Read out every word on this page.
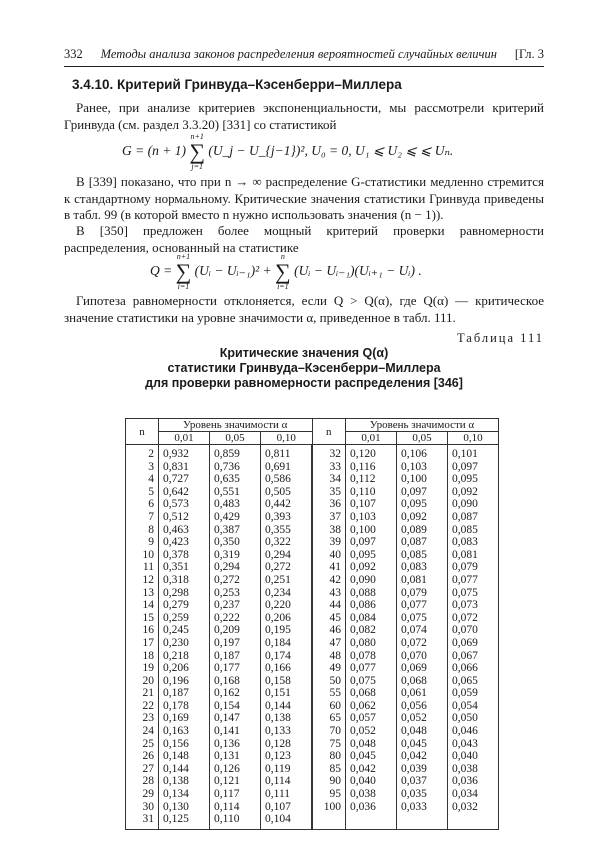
332 Методы анализа законов распределения вероятностей случайных величин [Гл. 3
3.4.10. Критерий Гринвуда–Кэсенберри–Миллера
Ранее, при анализе критериев экспоненциальности, мы рассмотрели критерий Гринвуда (см. раздел 3.3.20) [331] со статистикой
G = (n + 1)
n+1
∑
j=1
(U_j − U_{j−1})², U₀ = 0, U₁ ⩽ U₂ ⩽ ⩽ Uₙ.
В [339] показано, что при n → ∞ распределение G-статистики медленно стремится к стандартному нормальному. Критические значения статистики Гринвуда приведены в табл. 99 (в которой вместо n нужно использовать значения (n − 1)).
В [350] предложен более мощный критерий проверки равномерности распределения, основанный на статистике
Q =
n+1
∑
i=1
(Uᵢ − Uᵢ₋₁)² +
n
∑
i=1
(Uᵢ − Uᵢ₋₁)(Uᵢ₊₁ − Uᵢ) .
Гипотеза равномерности отклоняется, если Q > Q(α), где Q(α) — критическое значение статистики на уровне значимости α, приведенное в табл. 111.
Таблица 111
Критические значения Q(α)
статистики Гринвуда–Кэсенберри–Миллера
для проверки равномерности распределения [346]
n	Уровень значимости α			n	Уровень значимости α		
	0,01	0,05	0,10		0,01	0,05	0,10
2	0,932	0,859	0,811	32	0,120	0,106	0,101
3	0,831	0,736	0,691	33	0,116	0,103	0,097
4	0,727	0,635	0,586	34	0,112	0,100	0,095
5	0,642	0,551	0,505	35	0,110	0,097	0,092
6	0,573	0,483	0,442	36	0,107	0,095	0,090
7	0,512	0,429	0,393	37	0,103	0,092	0,087
8	0,463	0,387	0,355	38	0,100	0,089	0,085
9	0,423	0,350	0,322	39	0,097	0,087	0,083
10	0,378	0,319	0,294	40	0,095	0,085	0,081
11	0,351	0,294	0,272	41	0,092	0,083	0,079
12	0,318	0,272	0,251	42	0,090	0,081	0,077
13	0,298	0,253	0,234	43	0,088	0,079	0,075
14	0,279	0,237	0,220	44	0,086	0,077	0,073
15	0,259	0,222	0,206	45	0,084	0,075	0,072
16	0,245	0,209	0,195	46	0,082	0,074	0,070
17	0,230	0,197	0,184	47	0,080	0,072	0,069
18	0,218	0,187	0,174	48	0,078	0,070	0,067
19	0,206	0,177	0,166	49	0,077	0,069	0,066
20	0,196	0,168	0,158	50	0,075	0,068	0,065
21	0,187	0,162	0,151	55	0,068	0,061	0,059
22	0,178	0,154	0,144	60	0,062	0,056	0,054
23	0,169	0,147	0,138	65	0,057	0,052	0,050
24	0,163	0,141	0,133	70	0,052	0,048	0,046
25	0,156	0,136	0,128	75	0,048	0,045	0,043
26	0,148	0,131	0,123	80	0,045	0,042	0,040
27	0,144	0,126	0,119	85	0,042	0,039	0,038
28	0,138	0,121	0,114	90	0,040	0,037	0,036
29	0,134	0,117	0,111	95	0,038	0,035	0,034
30	0,130	0,114	0,107	100	0,036	0,033	0,032
31	0,125	0,110	0,104				
